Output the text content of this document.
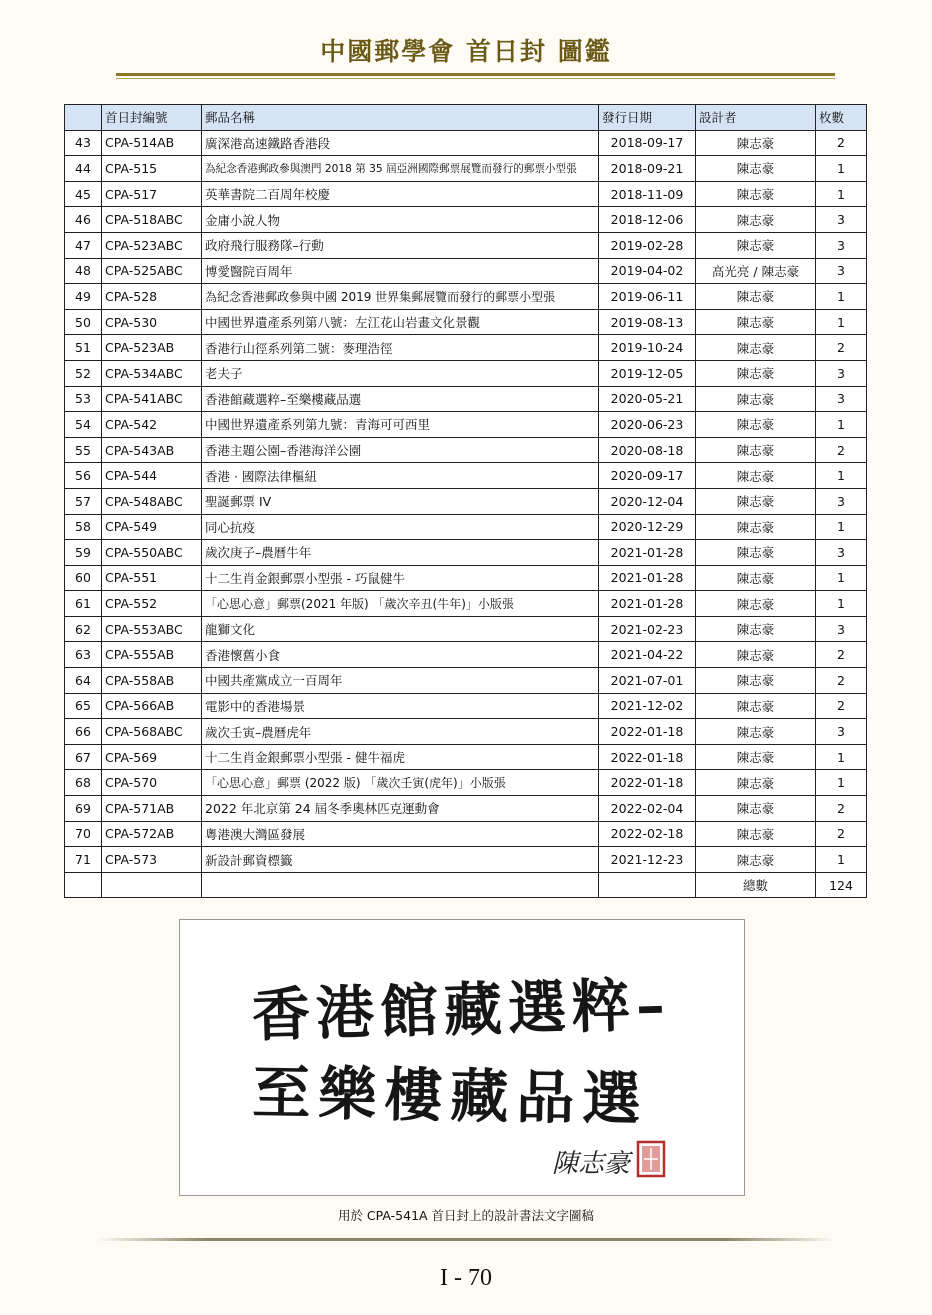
中國郵學會 首日封 圖鑑
	首日封編號	郵品名稱	發行日期	設計者	枚數
43	CPA-514AB	廣深港高速鐵路香港段	2018-09-17	陳志豪	2
44	CPA-515	為紀念香港郵政參與澳門 2018 第 35 屆亞洲國際郵票展覽而發行的郵票小型張	2018-09-21	陳志豪	1
45	CPA-517	英華書院二百周年校慶	2018-11-09	陳志豪	1
46	CPA-518ABC	金庸小說人物	2018-12-06	陳志豪	3
47	CPA-523ABC	政府飛行服務隊–行動	2019-02-28	陳志豪	3
48	CPA-525ABC	博愛醫院百周年	2019-04-02	高光亮 / 陳志豪	3
49	CPA-528	為紀念香港郵政參與中國 2019 世界集郵展覽而發行的郵票小型張	2019-06-11	陳志豪	1
50	CPA-530	中國世界遺產系列第八號：左江花山岩畫文化景觀	2019-08-13	陳志豪	1
51	CPA-523AB	香港行山徑系列第二號：麥理浩徑	2019-10-24	陳志豪	2
52	CPA-534ABC	老夫子	2019-12-05	陳志豪	3
53	CPA-541ABC	香港館藏選粹–至樂樓藏品選	2020-05-21	陳志豪	3
54	CPA-542	中國世界遺產系列第九號：青海可可西里	2020-06-23	陳志豪	1
55	CPA-543AB	香港主題公園–香港海洋公園	2020-08-18	陳志豪	2
56	CPA-544	香港 · 國際法律樞紐	2020-09-17	陳志豪	1
57	CPA-548ABC	聖誕郵票 IV	2020-12-04	陳志豪	3
58	CPA-549	同心抗疫	2020-12-29	陳志豪	1
59	CPA-550ABC	歲次庚子–農曆牛年	2021-01-28	陳志豪	3
60	CPA-551	十二生肖金銀郵票小型張 - 巧鼠健牛	2021-01-28	陳志豪	1
61	CPA-552	「心思心意」郵票(2021 年版) 「歲次辛丑(牛年)」小版張	2021-01-28	陳志豪	1
62	CPA-553ABC	龍獅文化	2021-02-23	陳志豪	3
63	CPA-555AB	香港懷舊小食	2021-04-22	陳志豪	2
64	CPA-558AB	中國共產黨成立一百周年	2021-07-01	陳志豪	2
65	CPA-566AB	電影中的香港場景	2021-12-02	陳志豪	2
66	CPA-568ABC	歲次壬寅–農曆虎年	2022-01-18	陳志豪	3
67	CPA-569	十二生肖金銀郵票小型張 - 健牛福虎	2022-01-18	陳志豪	1
68	CPA-570	「心思心意」郵票 (2022 版) 「歲次壬寅(虎年)」小版張	2022-01-18	陳志豪	1
69	CPA-571AB	2022 年北京第 24 屆冬季奧林匹克運動會	2022-02-04	陳志豪	2
70	CPA-572AB	粵港澳大灣區發展	2022-02-18	陳志豪	2
71	CPA-573	新設計郵資標籤	2021-12-23	陳志豪	1
				總數	124
香港館藏選粹–
至樂樓藏品選
陳志豪
用於 CPA-541A 首日封上的設計書法文字圖稿
I - 70
